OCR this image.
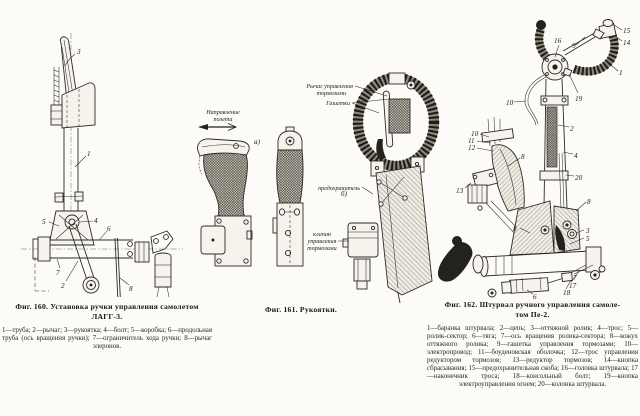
3
1
5	4
6
7
2	8
Направление
полета
а)
б)
Рычаг управления
тормозами
Гашетки
предохранитель
клапан
управления
тормозами
15
14
16
9
1
19
10
2
10
11
12
8	4
13
20
8
8	3
5
7
17
18
6
Фиг. 160. Установка ручки управления самолетом
ЛАГГ-3.

1—труба; 2—рычаг; 3—рукоятка; 4—болт; 5—коробка; 6—продольная труба (ось вращения ручки); 7—ограничитель хода ручки; 8—рычаг элеронов.

Фиг. 161. Рукоятки.
Фиг. 162. Штурвал ручного управления самоле-
том Пе-2.

1—баранка штурвала; 2—цепь; 3—оттяжной ролик; 4—трос; 5—ролик-сектор; 6—тяга; 7—ось вращения ролика-сектора; 8—кожух оттяжного ролика; 9—гашетка управления тормозами; 10—электропровод; 11—боуденовская оболочка; 12—трос управления редуктором тормозов; 13—редуктор тормозов; 14—кнопка сбрасывания; 15—предохранительная скоба; 16—головка штурвала; 17—наконечник троса; 18—консольный болт; 19—кнопка электроуправления огнем; 20—колонка штурвала.
